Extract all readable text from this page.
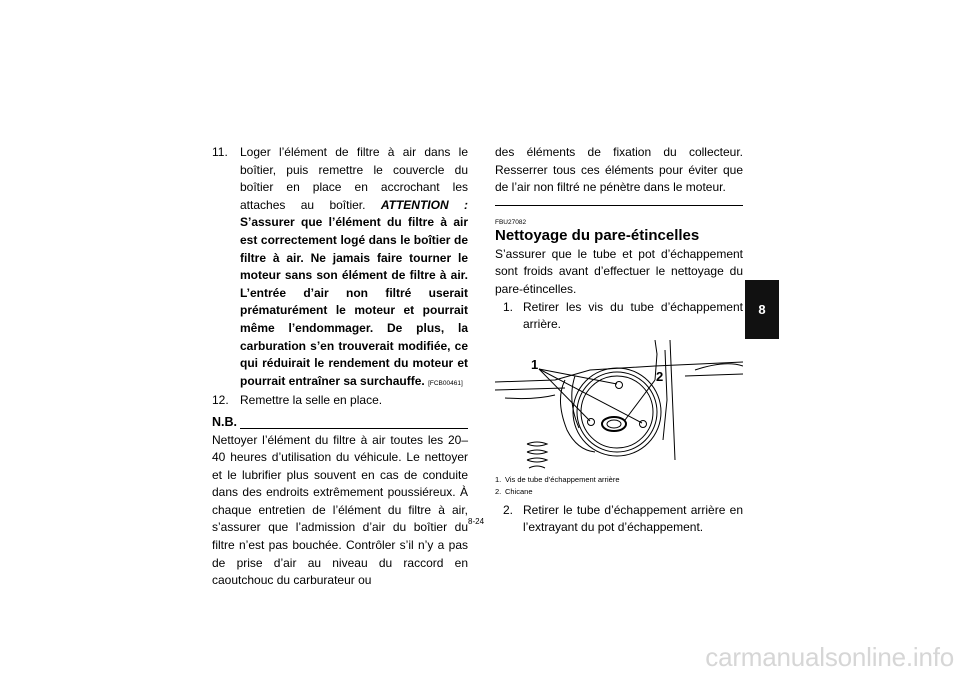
11.	Loger l’élément de filtre à air dans le boîtier, puis remettre le couvercle du boîtier en place en accrochant les attaches au boîtier. ATTENTION : S’assurer que l’élément du filtre à air est correctement logé dans le boîtier de filtre à air. Ne jamais faire tourner le moteur sans son élément de filtre à air. L’entrée d’air non filtré userait prématurément le moteur et pourrait même l’endommager. De plus, la carburation s’en trouverait modifiée, ce qui réduirait le rendement du moteur et pourrait entraîner sa surchauffe. [FCB00461]
12. Remettre la selle en place.
N.B.
Nettoyer l’élément du filtre à air toutes les 20–40 heures d’utilisation du véhicule. Le nettoyer et le lubrifier plus souvent en cas de conduite dans des endroits extrêmement poussiéreux. À chaque entretien de l’élément du filtre à air, s’assurer que l’admission d’air du boîtier du filtre n’est pas bouchée. Contrôler s’il n’y a pas de prise d’air au niveau du raccord en caoutchouc du carburateur ou
des éléments de fixation du collecteur. Resserrer tous ces éléments pour éviter que de l’air non filtré ne pénètre dans le moteur.
FBU27082
Nettoyage du pare-étincelles
S’assurer que le tube et pot d’échappement sont froids avant d’effectuer le nettoyage du pare-étincelles.
1. Retirer les vis du tube d’échappement arrière.
1
2
1. Vis de tube d’échappement arrière
2. Chicane
2. Retirer le tube d’échappement arrière en l’extrayant du pot d’échappement.
8
8-24
carmanualsonline.info
